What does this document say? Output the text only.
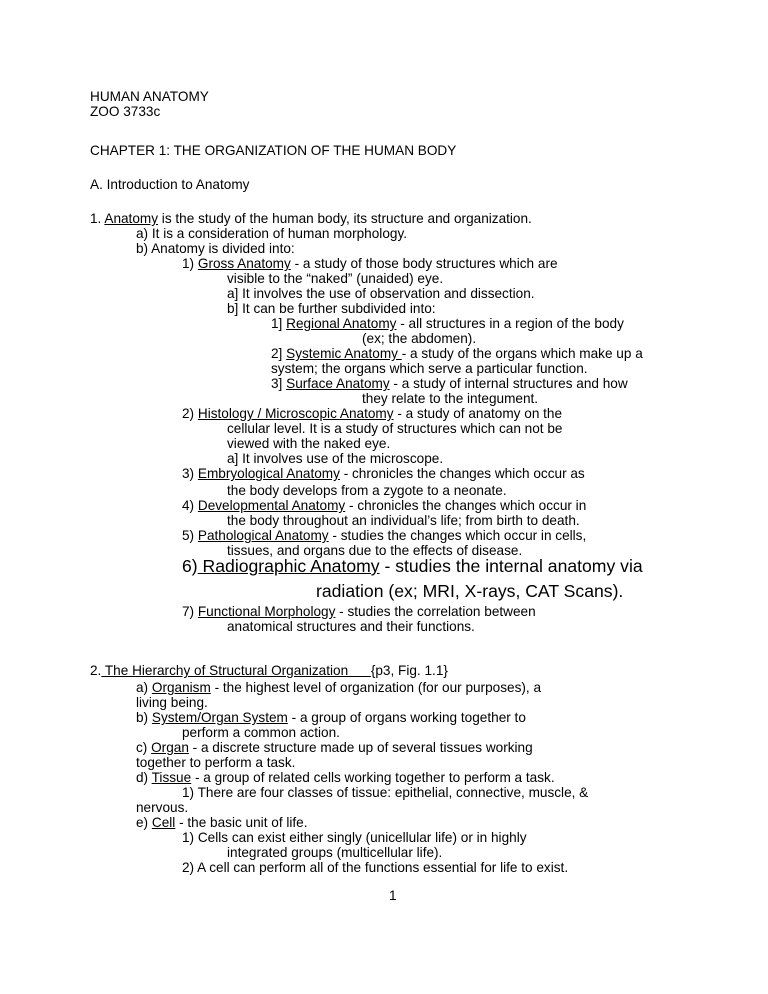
HUMAN ANATOMY
ZOO 3733c
CHAPTER 1: THE ORGANIZATION OF THE HUMAN BODY
A. Introduction to Anatomy
1. Anatomy is the study of the human body, its structure and organization.
a) It is a consideration of human morphology.
b) Anatomy is divided into:
1) Gross Anatomy - a study of those body structures which are
visible to the “naked” (unaided) eye.
a] It involves the use of observation and dissection.
b] It can be further subdivided into:
1] Regional Anatomy - all structures in a region of the body
(ex; the abdomen).
2] Systemic Anatomy - a study of the organs which make up a
system; the organs which serve a particular function.
3] Surface Anatomy - a study of internal structures and how
they relate to the integument.
2) Histology / Microscopic Anatomy - a study of anatomy on the
cellular level. It is a study of structures which can not be
viewed with the naked eye.
a] It involves use of the microscope.
3) Embryological Anatomy - chronicles the changes which occur as
the body develops from a zygote to a neonate.
4) Developmental Anatomy - chronicles the changes which occur in
the body throughout an individual’s life; from birth to death.
5) Pathological Anatomy - studies the changes which occur in cells,
tissues, and organs due to the effects of disease.
6) Radiographic Anatomy - studies the internal anatomy via
radiation (ex; MRI, X-rays, CAT Scans).
7) Functional Morphology - studies the correlation between
anatomical structures and their functions.
2. The Hierarchy of Structural Organization      {p3, Fig. 1.1}
a) Organism - the highest level of organization (for our purposes), a
living being.
b) System/Organ System - a group of organs working together to
perform a common action.
c) Organ - a discrete structure made up of several tissues working
together to perform a task.
d) Tissue - a group of related cells working together to perform a task.
1) There are four classes of tissue: epithelial, connective, muscle, &
nervous.
e) Cell - the basic unit of life.
1) Cells can exist either singly (unicellular life) or in highly
integrated groups (multicellular life).
2) A cell can perform all of the functions essential for life to exist.
1
